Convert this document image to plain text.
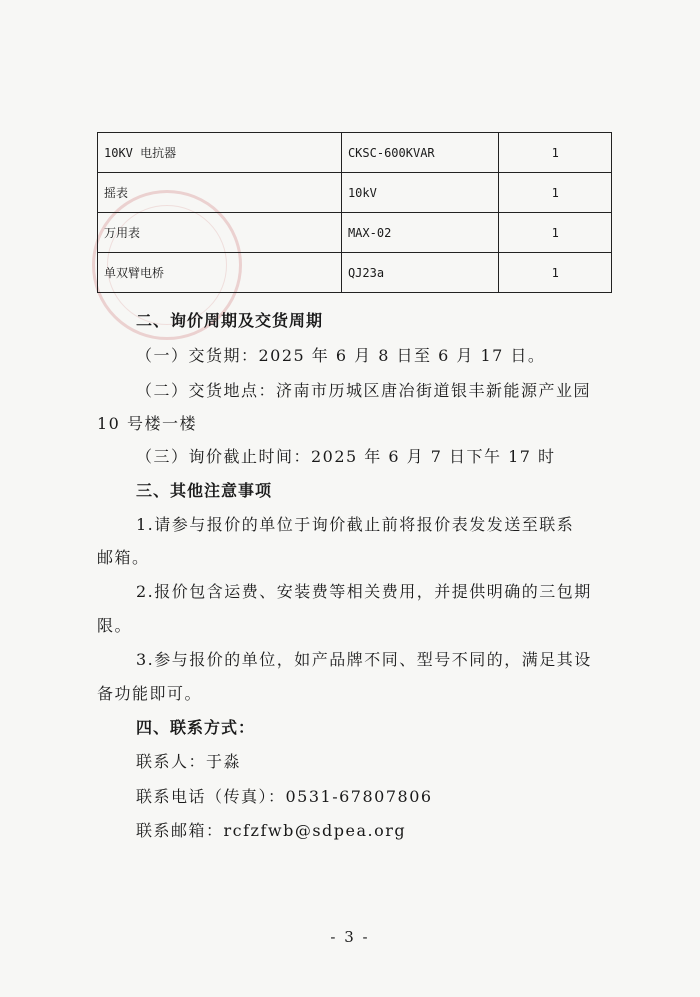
10KV 电抗器	CKSC-600KVAR	1
摇表	10kV	1
万用表	MAX-02	1
单双臂电桥	QJ23a	1
二、询价周期及交货周期
（一）交货期：2025 年 6 月 8 日至 6 月 17 日。
（二）交货地点：济南市历城区唐冶街道银丰新能源产业园
10 号楼一楼
（三）询价截止时间：2025 年 6 月 7 日下午 17 时
三、其他注意事项
1.请参与报价的单位于询价截止前将报价表发发送至联系
邮箱。
2.报价包含运费、安装费等相关费用，并提供明确的三包期
限。
3.参与报价的单位，如产品牌不同、型号不同的，满足其设
备功能即可。
四、联系方式：
联系人：于淼
联系电话（传真）：0531-67807806
联系邮箱：rcfzfwb@sdpea.org
- 3 -
